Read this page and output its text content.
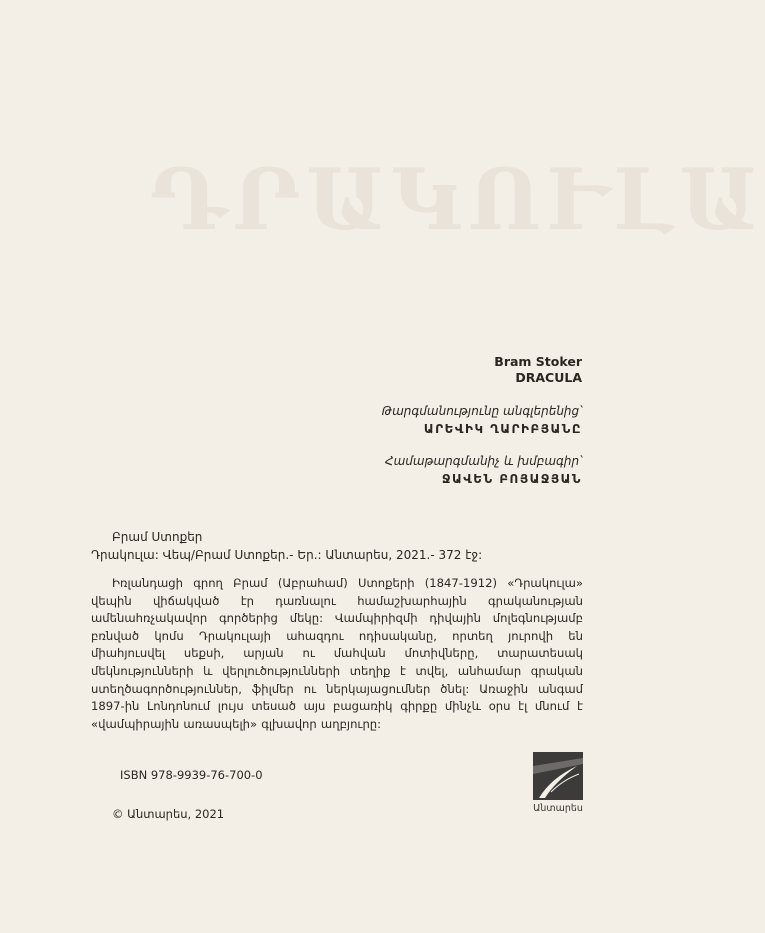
ԴՐԱԿՈՒԼԱ
Bram Stoker
DRACULA
Թարգմանությունը անգլերենից՝
ԱՐԵՎԻԿ ՂԱՐԻԲՅԱՆԸ
Համաթարգմանիչ և խմբագիր՝
ՋԱՎԵՆ ԲՈՅԱՋՅԱՆ
Բրամ Ստոքեր
Դրակուլա: Վեպ/Բրամ Ստոքեր.- Եր.: Անտարես, 2021.- 372 էջ:
Իռլանդացի գրող Բրամ (Աբրահամ) Ստոքերի (1847-1912) «Դրակուլա» վեպին վիճակված էր դառնալու համաշխարհային գրականության ամենահռչակավոր գործերից մեկը: Վամպիրիզմի դիվային մոլեգնությամբ բռնված կոմս Դրակուլայի ահազդու ոդիսականը, որտեղ յուրովի են միահյուսվել սեքսի, արյան ու մահվան մոտիվները, տարատեսակ մեկնությունների և վերլուծությունների տեղիք է տվել, անհամար գրական ստեղծագործություններ, ֆիլմեր ու ներկայացումներ ծնել: Առաջին անգամ 1897-ին Լոնդոնում լույս տեսած այս բացառիկ գիրքը մինչև օրս էլ մնում է «վամպիրային առասպելի» գլխավոր աղբյուրը:
ISBN 978-9939-76-700-0
© Անտարես, 2021	Անտարես
